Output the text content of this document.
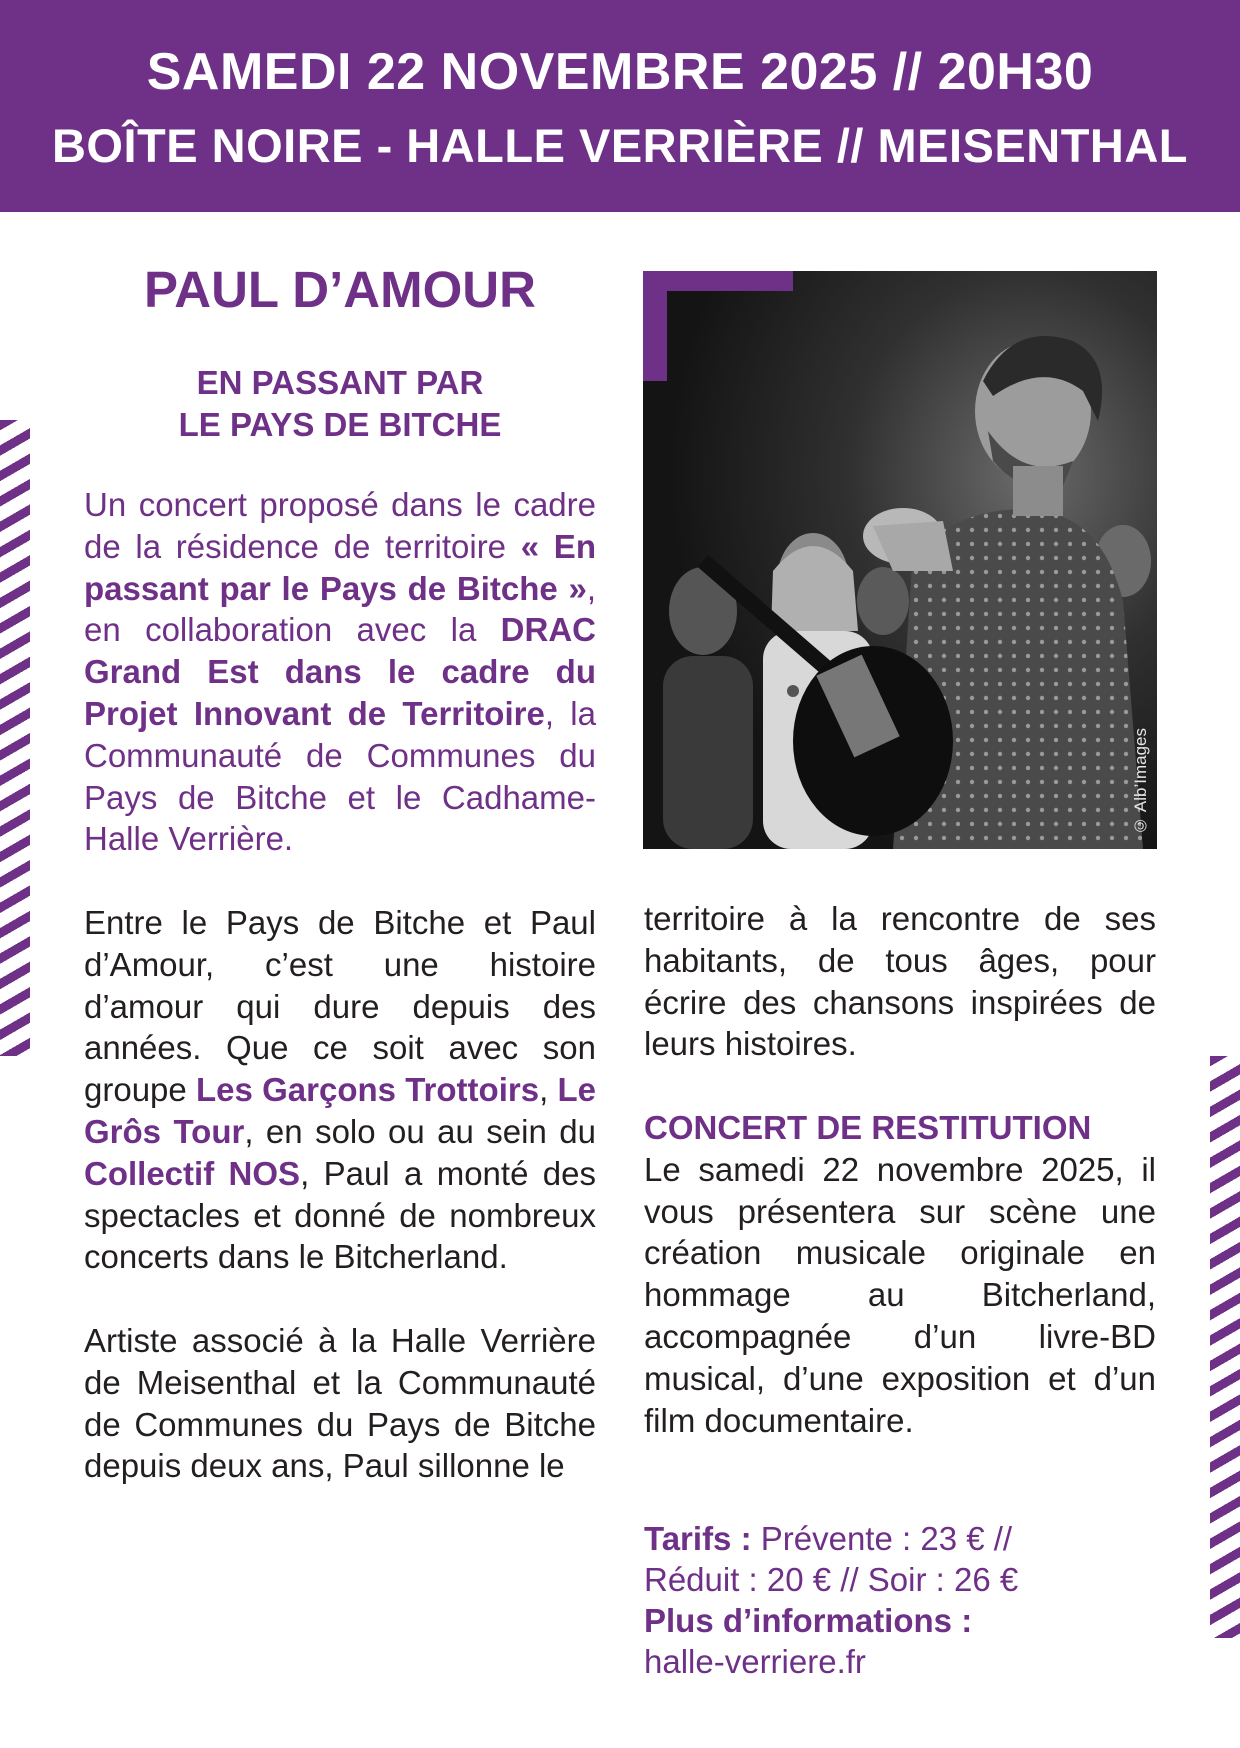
SAMEDI 22 NOVEMBRE 2025 // 20H30
BOÎTE NOIRE - HALLE VERRIÈRE // MEISENTHAL
PAUL D’AMOUR
EN PASSANT PAR
LE PAYS DE BITCHE

Un concert proposé dans le cadre de la résidence de territoire « En passant par le Pays de Bitche », en collaboration avec la DRAC Grand Est dans le cadre du Projet Innovant de Territoire, la Communauté de Communes du Pays de Bitche et le Cadhame-Halle Verrière.

Entre le Pays de Bitche et Paul d’Amour, c’est une histoire d’amour qui dure depuis des années. Que ce soit avec son groupe Les Garçons Trottoirs, Le Grôs Tour, en solo ou au sein du Collectif NOS, Paul a monté des spectacles et donné de nombreux concerts dans le Bitcherland.

Artiste associé à la Halle Verrière de Meisenthal et la Communauté de Communes du Pays de Bitche depuis deux ans, Paul sillonne le

© Alb’Images

territoire à la rencontre de ses habitants, de tous âges, pour écrire des chansons inspirées de leurs histoires.

CONCERT DE RESTITUTION

Le samedi 22 novembre 2025, il vous présentera sur scène une création musicale originale en hommage au Bitcherland, accompagnée d’un livre-BD musical, d’une exposition et d’un film documentaire.

Tarifs : Prévente : 23 € //
Réduit : 20 € // Soir : 26 €
Plus d’informations :
halle-verriere.fr
